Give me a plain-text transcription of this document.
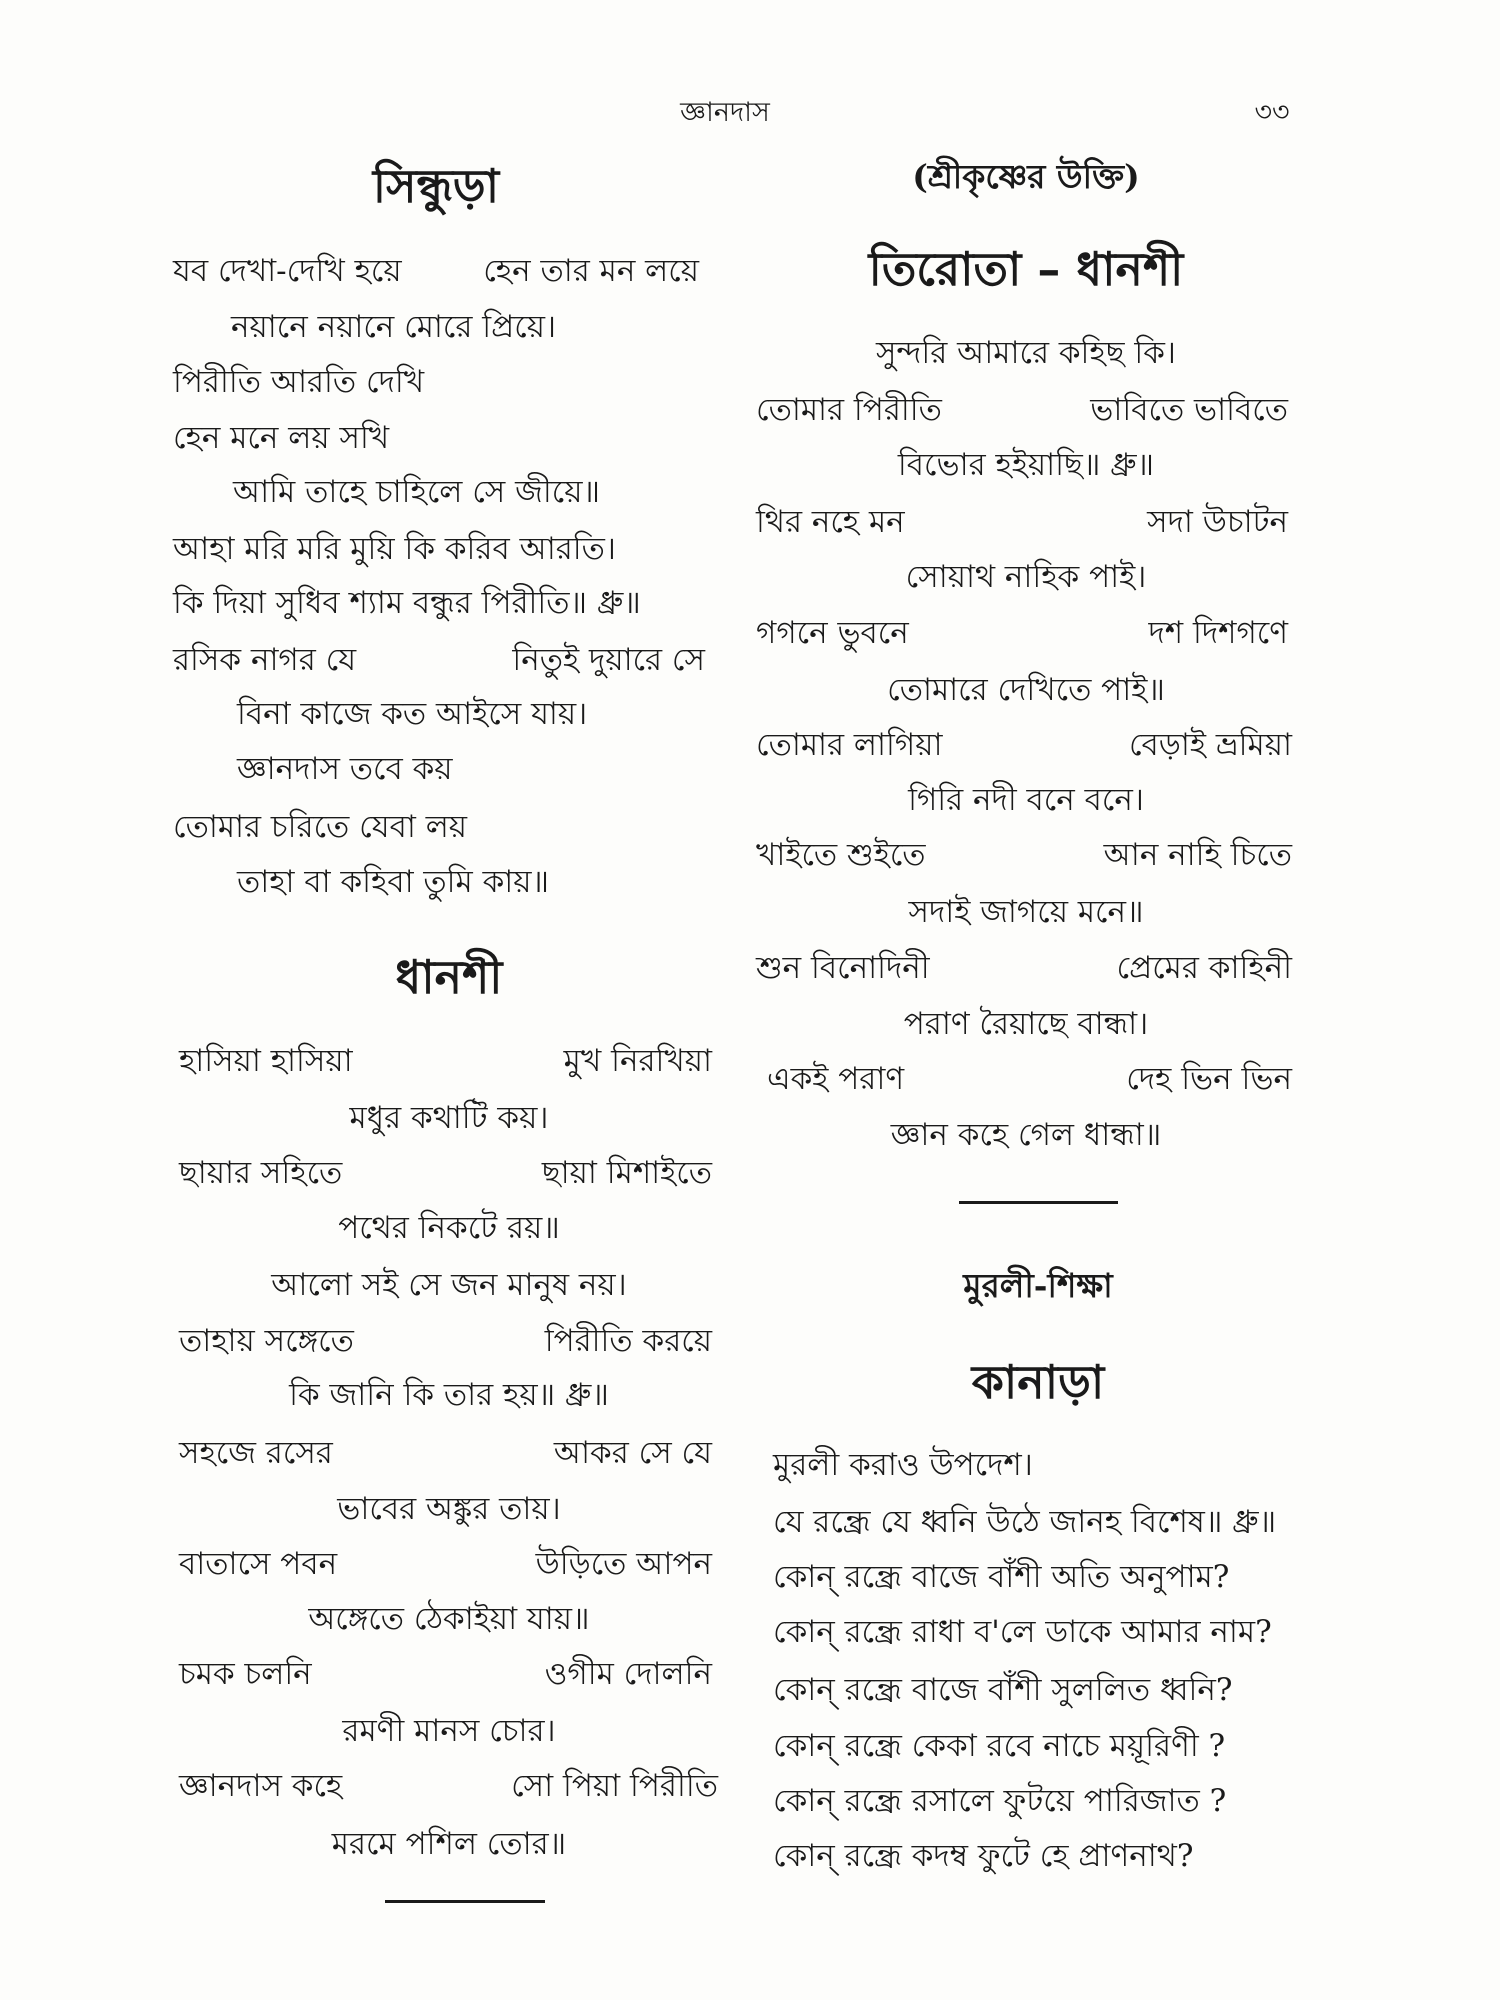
জ্ঞানদাস	৩৩
সিন্ধুড়া
যব দেখা-দেখি হয়ে	হেন তার মন লয়ে
নয়ানে নয়ানে মোরে প্রিয়ে।
পিরীতি আরতি দেখি
হেন মনে লয় সখি
আমি তাহে চাহিলে সে জীয়ে॥
আহা মরি মরি মুয়ি কি করিব আরতি।
কি দিয়া সুধিব শ্যাম বন্ধুর পিরীতি॥ ধ্রু॥
রসিক নাগর যে	নিতুই দুয়ারে সে
বিনা কাজে কত আইসে যায়।
জ্ঞানদাস তবে কয়
তোমার চরিতে যেবা লয়
তাহা বা কহিবা তুমি কায়॥
ধানশী
হাসিয়া হাসিয়া	মুখ নিরখিয়া
মধুর কথাটি কয়।
ছায়ার সহিতে	ছায়া মিশাইতে
পথের নিকটে রয়॥
আলো সই সে জন মানুষ নয়।
তাহায় সঙ্গেতে	পিরীতি করয়ে
কি জানি কি তার হয়॥ ধ্রু॥
সহজে রসের	আকর সে যে
ভাবের অঙ্কুর তায়।
বাতাসে পবন	উড়িতে আপন
অঙ্গেতে ঠেকাইয়া যায়॥
চমক চলনি	ওগীম দোলনি
রমণী মানস চোর।
জ্ঞানদাস কহে	সো পিয়া পিরীতি
মরমে পশিল তোর॥
(শ্রীকৃষ্ণের উক্তি)
তিরোতা – ধানশী
সুন্দরি আমারে কহিছ কি।
তোমার পিরীতি	ভাবিতে ভাবিতে
বিভোর হইয়াছি॥ ধ্রু॥
থির নহে মন	সদা উচাটন
সোয়াথ নাহিক পাই।
গগনে ভুবনে	দশ দিশগণে
তোমারে দেখিতে পাই॥
তোমার লাগিয়া	বেড়াই ভ্রমিয়া
গিরি নদী বনে বনে।
খাইতে শুইতে	আন নাহি চিতে
সদাই জাগয়ে মনে॥
শুন বিনোদিনী	প্রেমের কাহিনী
পরাণ রৈয়াছে বান্ধা।
একই পরাণ	দেহ ভিন ভিন
জ্ঞান কহে গেল ধান্ধা॥
মুরলী-শিক্ষা
কানাড়া
মুরলী করাও উপদেশ।
যে রন্ধ্রে যে ধ্বনি উঠে জানহ বিশেষ॥ ধ্রু॥
কোন্ রন্ধ্রে বাজে বাঁশী অতি অনুপাম?
কোন্ রন্ধ্রে রাধা ব'লে ডাকে আমার নাম?
কোন্ রন্ধ্রে বাজে বাঁশী সুললিত ধ্বনি?
কোন্ রন্ধ্রে কেকা রবে নাচে ময়ূরিণী ?
কোন্ রন্ধ্রে রসালে ফুটয়ে পারিজাত ?
কোন্ রন্ধ্রে কদম্ব ফুটে হে প্রাণনাথ?
